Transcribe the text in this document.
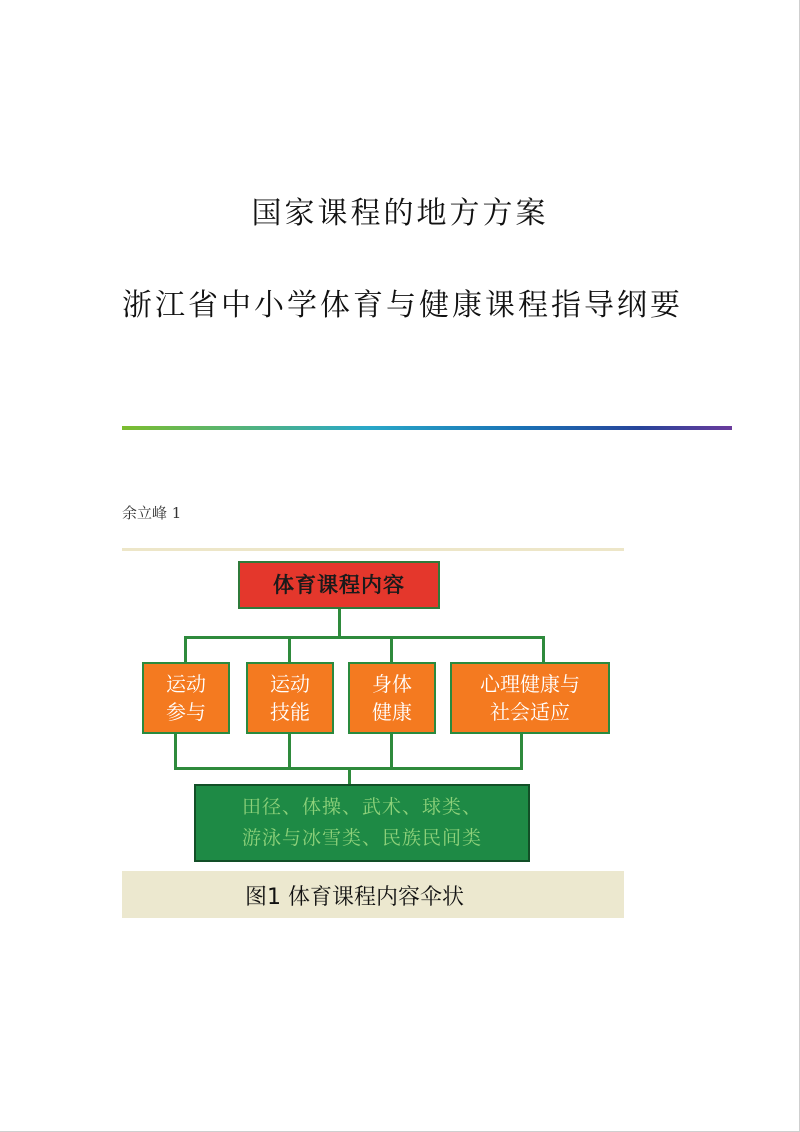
国家课程的地方方案
浙江省中小学体育与健康课程指导纲要
余立峰 1
体育课程内容
运动
参与
运动
技能
身体
健康
心理健康与
社会适应
田径、体操、武术、球类、
游泳与冰雪类、民族民间类
图1 体育课程内容伞状
